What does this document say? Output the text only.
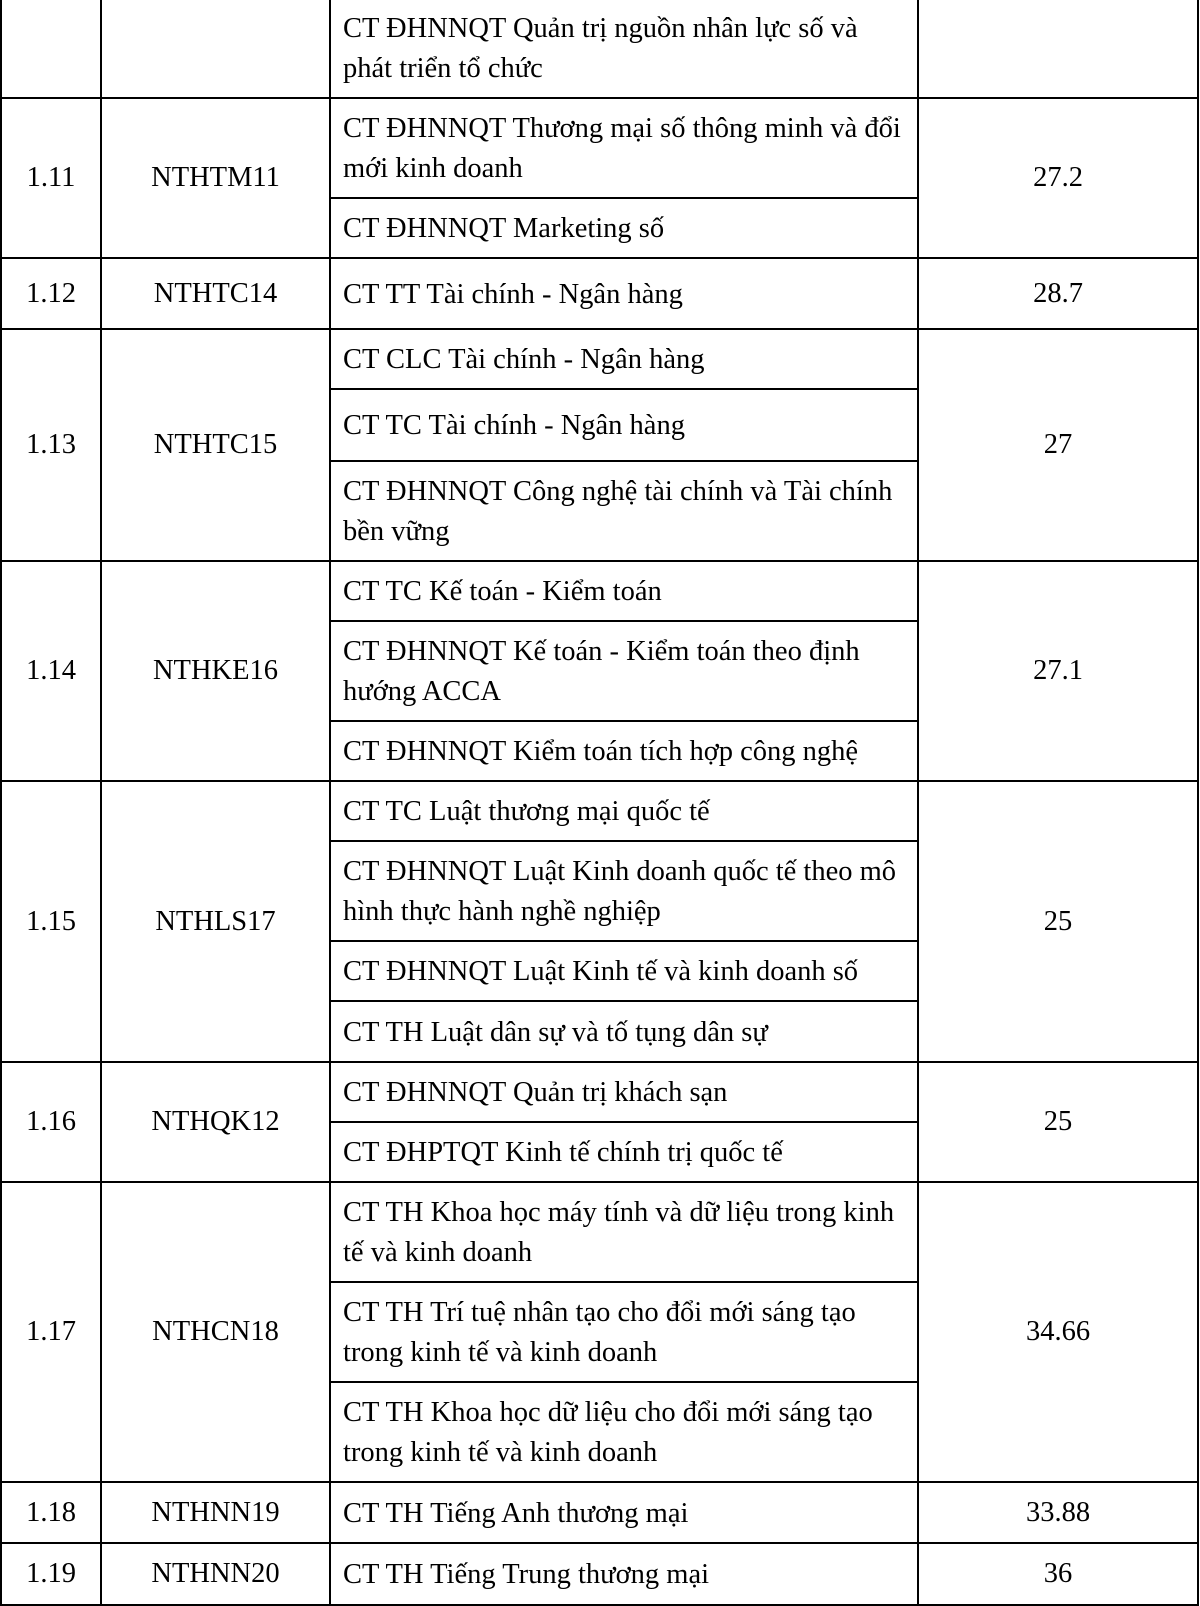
		CT ĐHNNQT Quản trị nguồn nhân lực số và phát triển tổ chức	
1.11	NTHTM11	CT ĐHNNQT Thương mại số thông minh và đổi mới kinh doanh	27.2
		CT ĐHNNQT Marketing số	
1.12	NTHTC14	CT TT Tài chính - Ngân hàng	28.7
1.13	NTHTC15	CT CLC Tài chính - Ngân hàng	27
		CT TC Tài chính - Ngân hàng	
		CT ĐHNNQT Công nghệ tài chính và Tài chính bền vững	
1.14	NTHKE16	CT TC Kế toán - Kiểm toán	27.1
		CT ĐHNNQT Kế toán - Kiểm toán theo định hướng ACCA	
		CT ĐHNNQT Kiểm toán tích hợp công nghệ	
1.15	NTHLS17	CT TC Luật thương mại quốc tế	25
		CT ĐHNNQT Luật Kinh doanh quốc tế theo mô hình thực hành nghề nghiệp	
		CT ĐHNNQT Luật Kinh tế và kinh doanh số	
		CT TH Luật dân sự và tố tụng dân sự	
1.16	NTHQK12	CT ĐHNNQT Quản trị khách sạn	25
		CT ĐHPTQT Kinh tế chính trị quốc tế	
1.17	NTHCN18	CT TH Khoa học máy tính và dữ liệu trong kinh tế và kinh doanh	34.66
		CT TH Trí tuệ nhân tạo cho đổi mới sáng tạo trong kinh tế và kinh doanh	
		CT TH Khoa học dữ liệu cho đổi mới sáng tạo trong kinh tế và kinh doanh	
1.18	NTHNN19	CT TH Tiếng Anh thương mại	33.88
1.19	NTHNN20	CT TH Tiếng Trung thương mại	36
